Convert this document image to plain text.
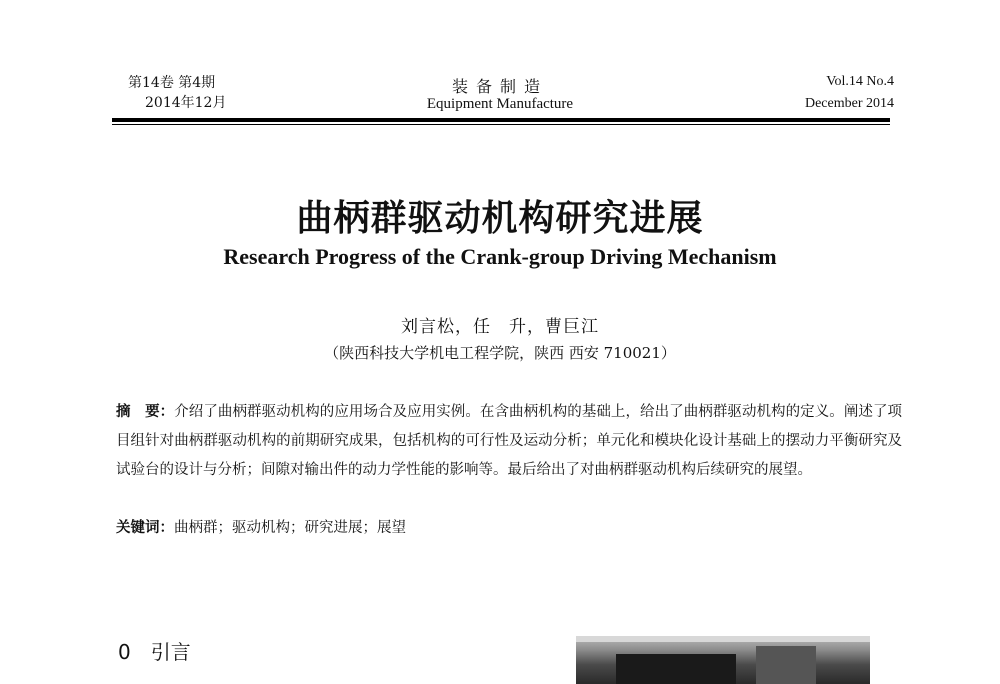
第14卷 第4期
2014年12月
装备制造
Equipment Manufacture
Vol.14 No.4
December 2014
曲柄群驱动机构研究进展
Research Progress of the Crank-group Driving Mechanism
刘言松，任　升，曹巨江
（陕西科技大学机电工程学院，陕西 西安 710021）
摘　要：介绍了曲柄群驱动机构的应用场合及应用实例。在含曲柄机构的基础上，给出了曲柄群驱动机构的定义。阐述了项目组针对曲柄群驱动机构的前期研究成果，包括机构的可行性及运动分析；单元化和模块化设计基础上的摆动力平衡研究及试验台的设计与分析；间隙对输出件的动力学性能的影响等。最后给出了对曲柄群驱动机构后续研究的展望。
关键词：曲柄群；驱动机构；研究进展；展望
0　引言
